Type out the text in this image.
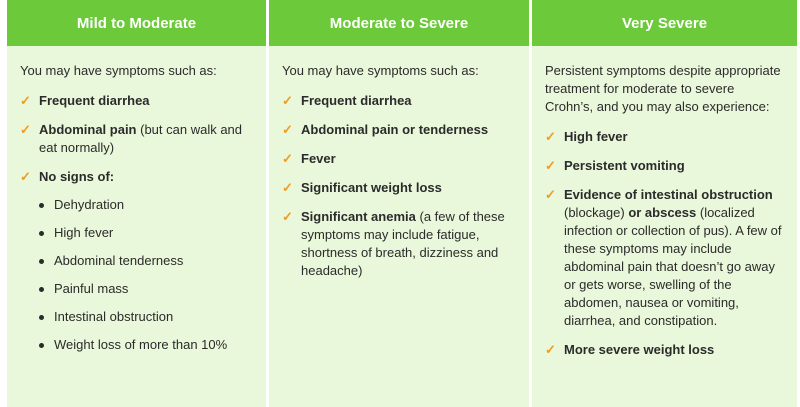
Mild to Moderate

You may have symptoms such as:

✓ Frequent diarrhea
✓ Abdominal pain (but can walk and eat normally)
✓ No signs of:
Dehydration
High fever
Abdominal tenderness
Painful mass
Intestinal obstruction
Weight loss of more than 10%
Moderate to Severe

You may have symptoms such as:

✓ Frequent diarrhea
✓ Abdominal pain or tenderness
✓ Fever
✓ Significant weight loss
✓ Significant anemia (a few of these symptoms may include fatigue, shortness of breath, dizziness and headache)
Very Severe

Persistent symptoms despite appropriate treatment for moderate to severe Crohn’s, and you may also experience:

✓ High fever
✓ Persistent vomiting
✓ Evidence of intestinal obstruction (blockage) or abscess (localized infection or collection of pus). A few of these symptoms may include abdominal pain that doesn’t go away or gets worse, swelling of the abdomen, nausea or vomiting, diarrhea, and constipation.
✓ More severe weight loss
